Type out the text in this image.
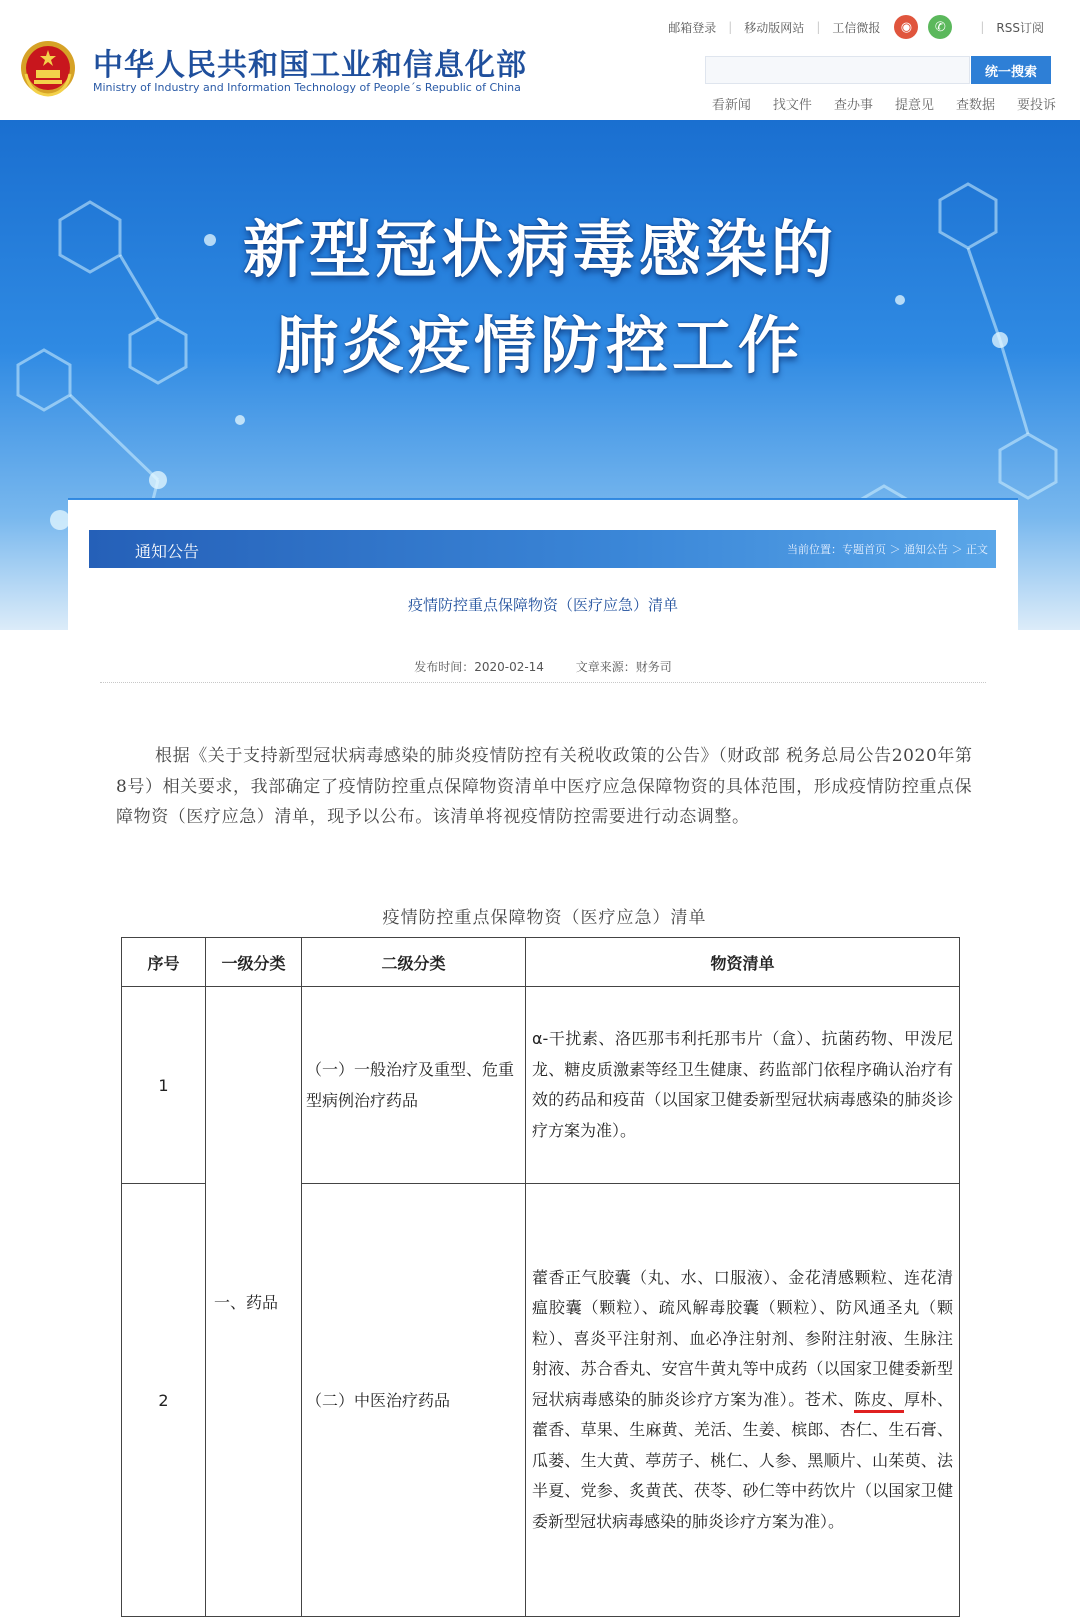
中华人民共和国工业和信息化部
Ministry of Industry and Information Technology of People´s Republic of China
邮箱登录 | 移动版网站 | 工信微报	◉	✆	| RSS订阅
统一搜索
看新闻 找文件 查办事 提意见 查数据 要投诉
新型冠状病毒感染的
肺炎疫情防控工作
通知公告	当前位置：专题首页 ＞ 通知公告 ＞ 正文
疫情防控重点保障物资（医疗应急）清单
发布时间：2020-02-14	文章来源：财务司

根据《关于支持新型冠状病毒感染的肺炎疫情防控有关税收政策的公告》（财政部 税务总局公告2020年第8号）相关要求，我部确定了疫情防控重点保障物资清单中医疗应急保障物资的具体范围，形成疫情防控重点保障物资（医疗应急）清单，现予以公布。该清单将视疫情防控需要进行动态调整。

疫情防控重点保障物资（医疗应急）清单
序号	一级分类	二级分类	物资清单
1	一、药品	（一）一般治疗及重型、危重型病例治疗药品	α-干扰素、洛匹那韦利托那韦片（盒）、抗菌药物、甲泼尼龙、糖皮质激素等经卫生健康、药监部门依程序确认治疗有效的药品和疫苗（以国家卫健委新型冠状病毒感染的肺炎诊疗方案为准）。
2		（二）中医治疗药品	藿香正气胶囊（丸、水、口服液）、金花清感颗粒、连花清瘟胶囊（颗粒）、疏风解毒胶囊（颗粒）、防风通圣丸（颗粒）、喜炎平注射剂、血必净注射剂、参附注射液、生脉注射液、苏合香丸、安宫牛黄丸等中成药（以国家卫健委新型冠状病毒感染的肺炎诊疗方案为准）。苍术、陈皮、厚朴、藿香、草果、生麻黄、羌活、生姜、槟郎、杏仁、生石膏、瓜蒌、生大黄、葶苈子、桃仁、人参、黑顺片、山茱萸、法半夏、党参、炙黄芪、茯苓、砂仁等中药饮片（以国家卫健委新型冠状病毒感染的肺炎诊疗方案为准）。
